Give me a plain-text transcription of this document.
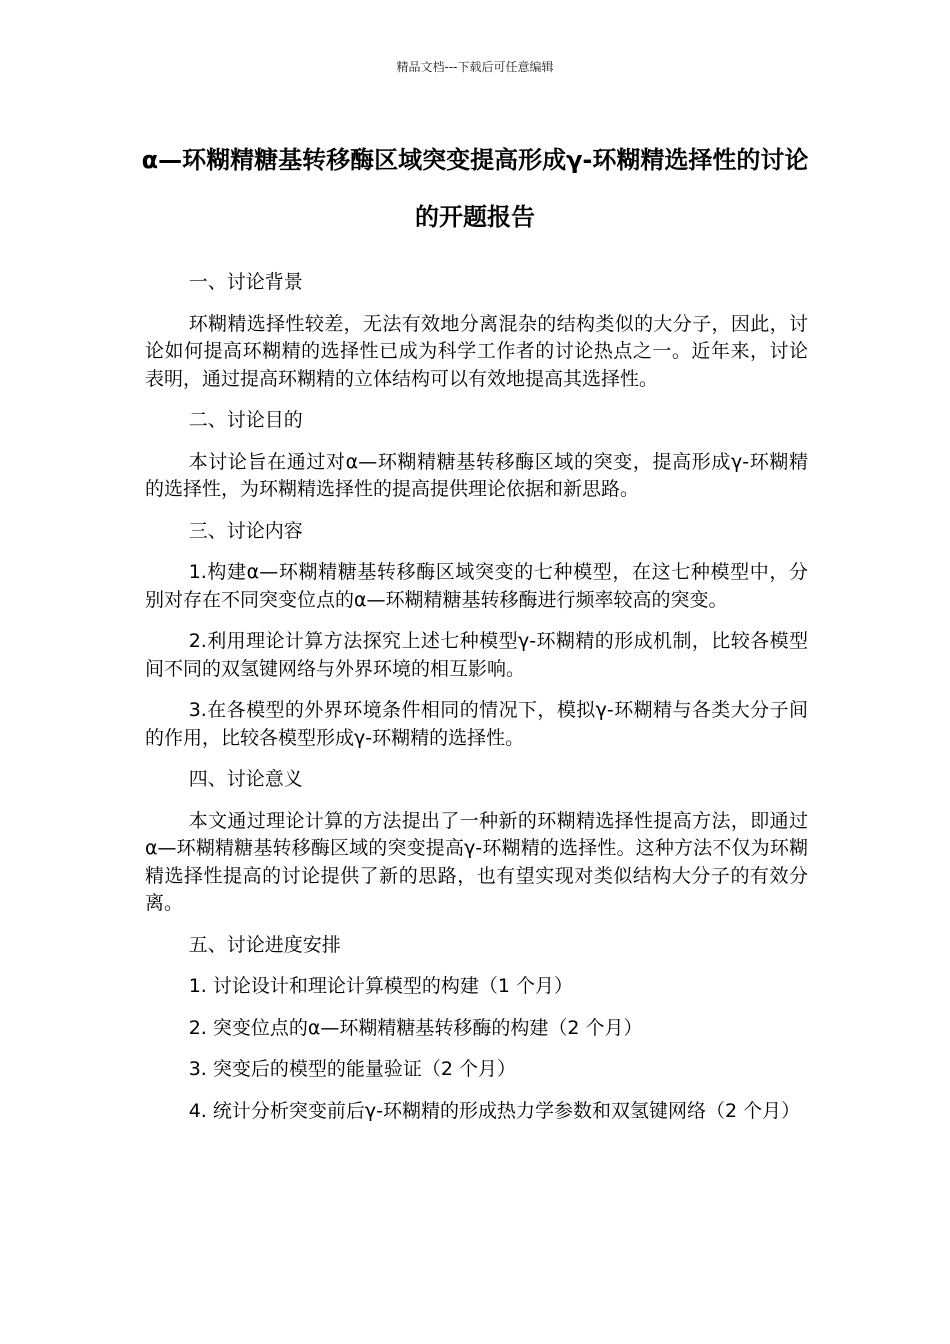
精品文档---下载后可任意编辑
α—环糊精糖基转移酶区域突变提高形成γ-环糊精选择性的讨论的开题报告

一、讨论背景

环糊精选择性较差，无法有效地分离混杂的结构类似的大分子，因此，讨论如何提高环糊精的选择性已成为科学工作者的讨论热点之一。近年来，讨论表明，通过提高环糊精的立体结构可以有效地提高其选择性。

二、讨论目的

本讨论旨在通过对α—环糊精糖基转移酶区域的突变，提高形成γ-环糊精的选择性，为环糊精选择性的提高提供理论依据和新思路。

三、讨论内容

1.构建α—环糊精糖基转移酶区域突变的七种模型，在这七种模型中，分别对存在不同突变位点的α—环糊精糖基转移酶进行频率较高的突变。

2.利用理论计算方法探究上述七种模型γ-环糊精的形成机制，比较各模型间不同的双氢键网络与外界环境的相互影响。

3.在各模型的外界环境条件相同的情况下，模拟γ-环糊精与各类大分子间的作用，比较各模型形成γ-环糊精的选择性。

四、讨论意义

本文通过理论计算的方法提出了一种新的环糊精选择性提高方法，即通过α—环糊精糖基转移酶区域的突变提高γ-环糊精的选择性。这种方法不仅为环糊精选择性提高的讨论提供了新的思路，也有望实现对类似结构大分子的有效分离。

五、讨论进度安排

1. 讨论设计和理论计算模型的构建（1 个月）

2. 突变位点的α—环糊精糖基转移酶的构建（2 个月）

3. 突变后的模型的能量验证（2 个月）

4. 统计分析突变前后γ-环糊精的形成热力学参数和双氢键网络（2 个月）
